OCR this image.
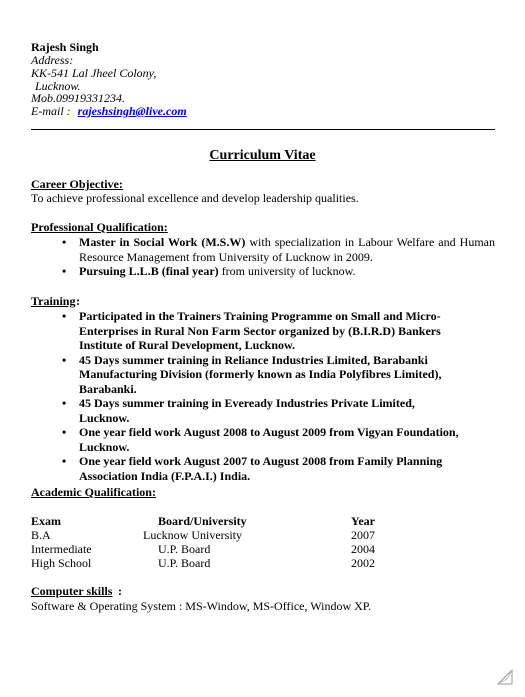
Rajesh Singh
Address:
KK-541 Lal Jheel Colony,
Lucknow.
Mob.09919331234.
E-mail : rajeshsingh@live.com
Curriculum Vitae
Career Objective:
To achieve professional excellence and develop leadership qualities.
Professional Qualification:
• Master in Social Work (M.S.W) with specialization in Labour Welfare and Human Resource Management from University of Lucknow in 2009.
• Pursuing L.L.B (final year) from university of lucknow.
Training :
• Participated in the Trainers Training Programme on Small and Micro-Enterprises in Rural Non Farm Sector organized by (B.I.R.D) Bankers Institute of Rural Development, Lucknow.
• 45 Days summer training in Reliance Industries Limited, Barabanki Manufacturing Division (formerly known as India Polyfibres Limited), Barabanki.
• 45 Days summer training in Eveready Industries Private Limited, Lucknow.
• One year field work August 2008 to August 2009 from Vigyan Foundation, Lucknow.
• One year field work August 2007 to August 2008 from Family Planning Association India (F.P.A.I.) India.
Academic Qualification:
Exam	Board/University	Year
B.A	Lucknow University	2007
Intermediate	U.P. Board	2004
High School	U.P. Board	2002
Computer skills :
Software & Operating System : MS-Window, MS-Office, Window XP.
